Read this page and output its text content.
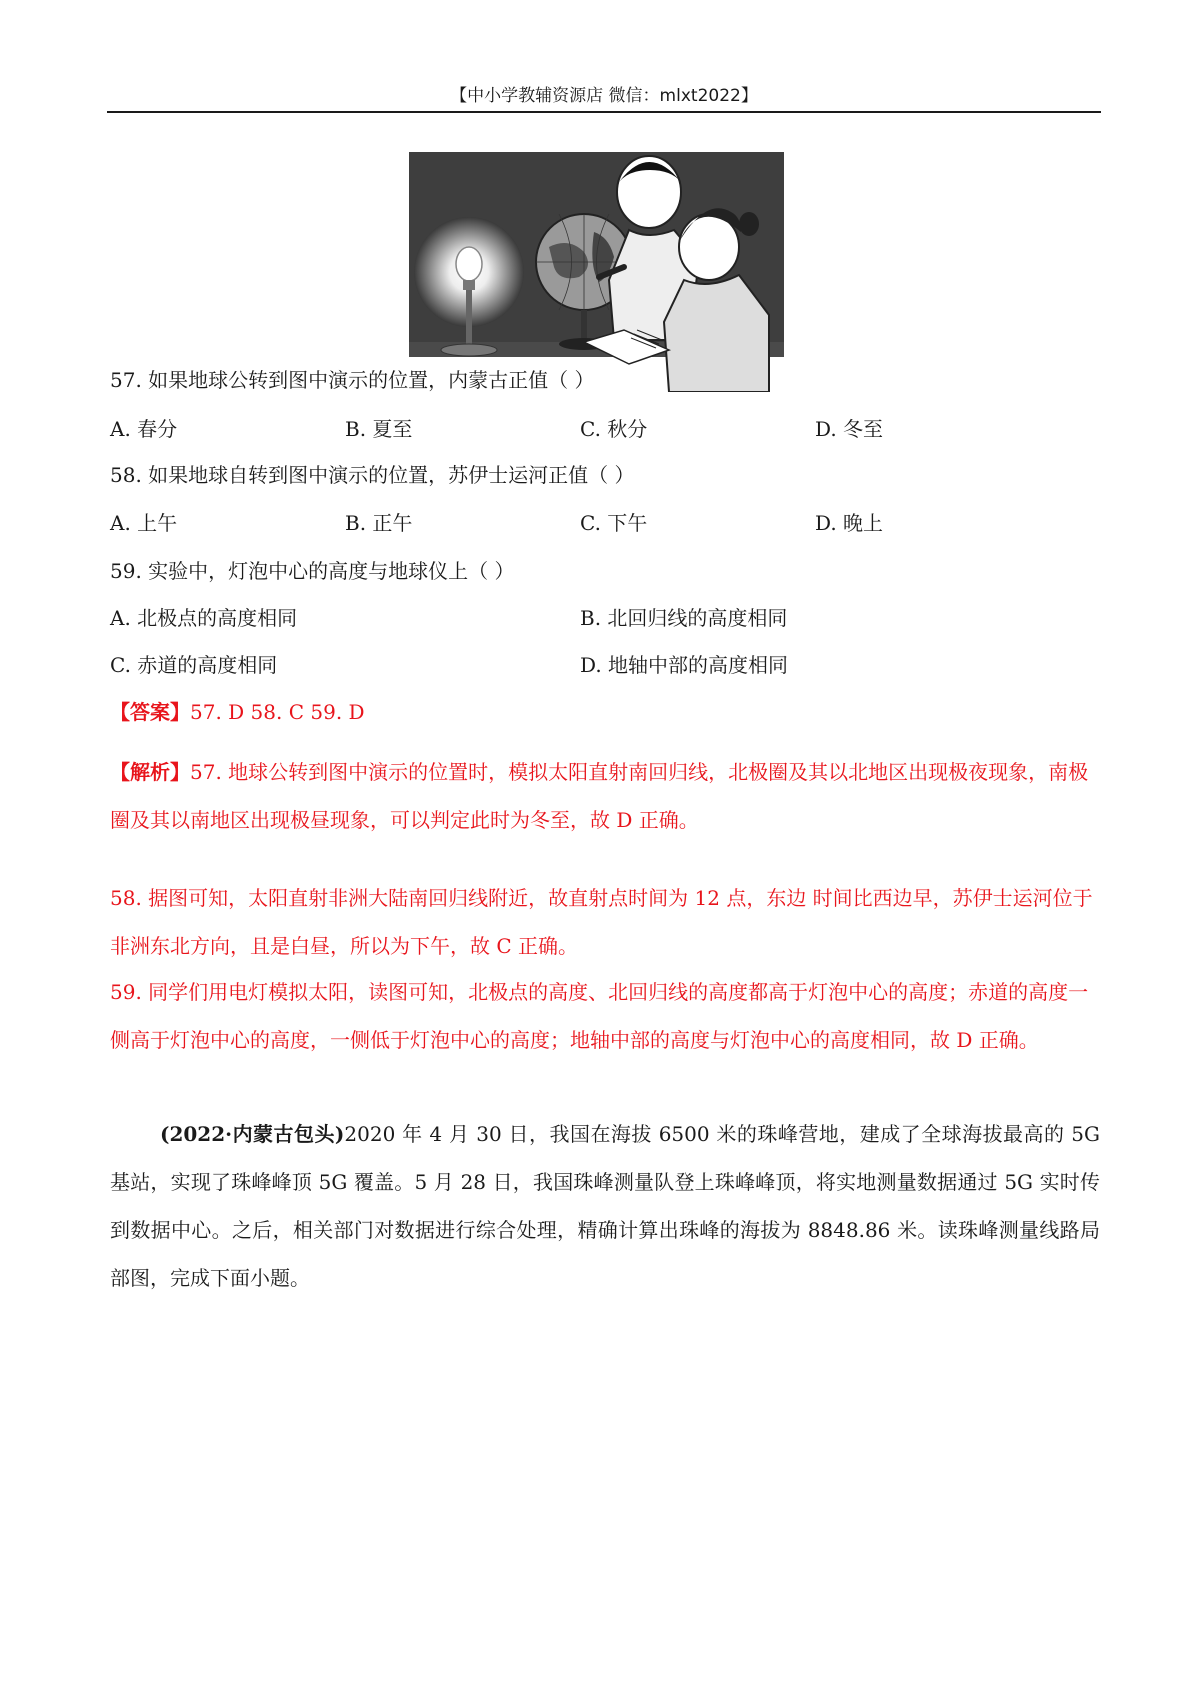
【中小学教辅资源店 微信：mlxt2022】
57. 如果地球公转到图中演示的位置，内蒙古正值（ ）
A. 春分	B. 夏至	C. 秋分	D. 冬至
58. 如果地球自转到图中演示的位置，苏伊士运河正值（ ）
A. 上午	B. 正午	C. 下午	D. 晚上
59. 实验中，灯泡中心的高度与地球仪上（ ）
A. 北极点的高度相同	B. 北回归线的高度相同
C. 赤道的高度相同	D. 地轴中部的高度相同
【答案】57. D 58. C 59. D
【解析】57. 地球公转到图中演示的位置时，模拟太阳直射南回归线，北极圈及其以北地区出现极夜现象，南极圈及其以南地区出现极昼现象，可以判定此时为冬至，故 D 正确。
58. 据图可知，太阳直射非洲大陆南回归线附近，故直射点时间为 12 点，东边 时间比西边早，苏伊士运河位于非洲东北方向，且是白昼，所以为下午，故 C 正确。
59. 同学们用电灯模拟太阳，读图可知，北极点的高度、北回归线的高度都高于灯泡中心的高度；赤道的高度一侧高于灯泡中心的高度，一侧低于灯泡中心的高度；地轴中部的高度与灯泡中心的高度相同，故 D 正确。
(2022·内蒙古包头)2020 年 4 月 30 日，我国在海拔 6500 米的珠峰营地，建成了全球海拔最高的 5G 基站，实现了珠峰峰顶 5G 覆盖。5 月 28 日，我国珠峰测量队登上珠峰峰顶，将实地测量数据通过 5G 实时传到数据中心。之后，相关部门对数据进行综合处理，精确计算出珠峰的海拔为 8848.86 米。读珠峰测量线路局部图，完成下面小题。
